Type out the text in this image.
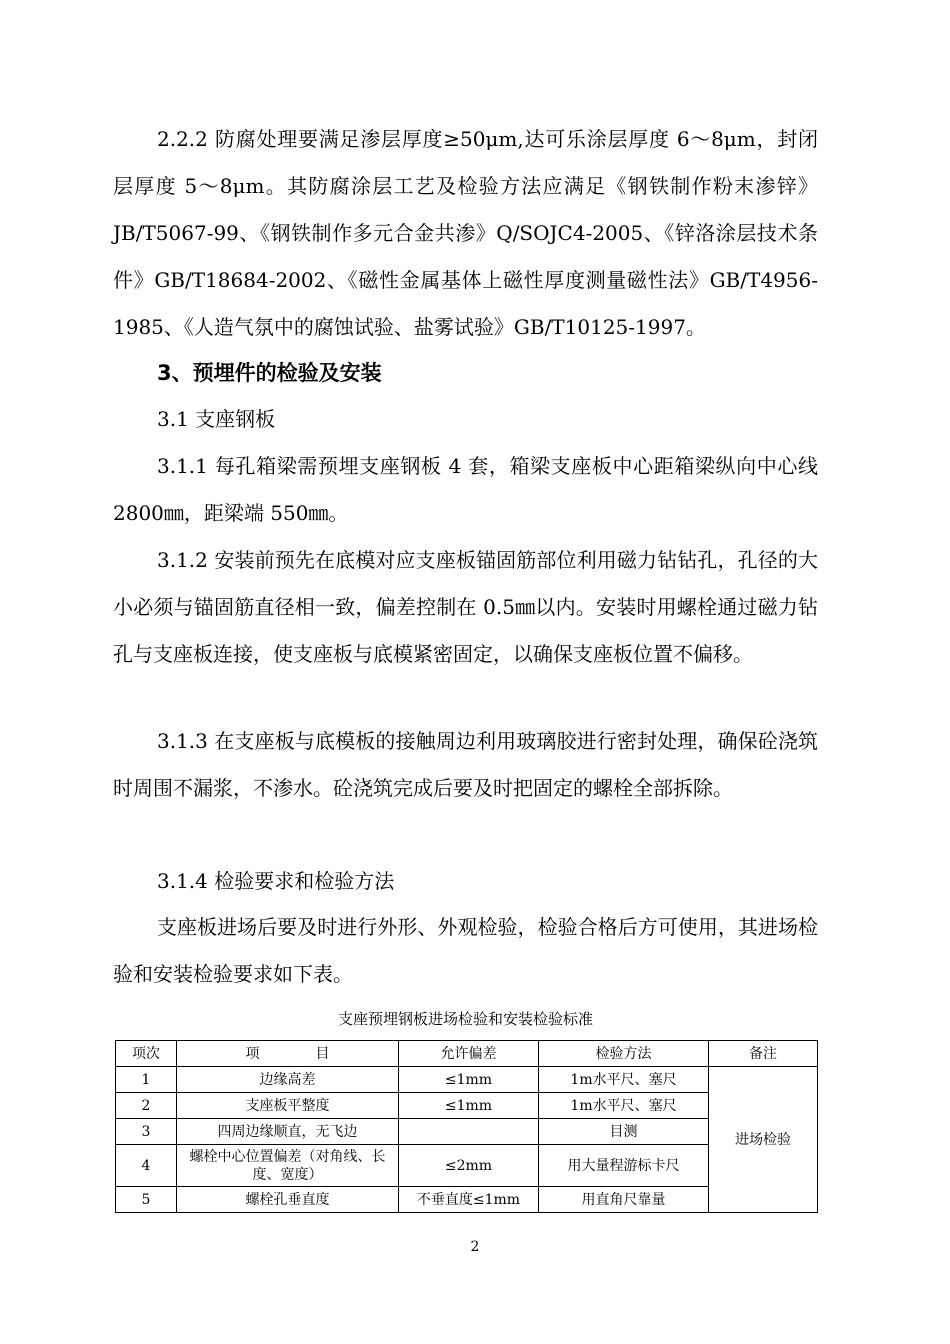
2.2.2 防腐处理要满足渗层厚度≥50μm,达可乐涂层厚度 6～8μm，封闭层厚度 5～8μm。其防腐涂层工艺及检验方法应满足《钢铁制作粉末渗锌》JB/T5067-99、《钢铁制作多元合金共渗》Q/SOJC4-2005、《锌洛涂层技术条件》GB/T18684-2002、《磁性金属基体上磁性厚度测量磁性法》GB/T4956-1985、《人造气氛中的腐蚀试验、盐雾试验》GB/T10125-1997。

3、预埋件的检验及安装

3.1 支座钢板

3.1.1 每孔箱梁需预埋支座钢板 4 套，箱梁支座板中心距箱梁纵向中心线 2800㎜，距梁端 550㎜。

3.1.2 安装前预先在底模对应支座板锚固筋部位利用磁力钻钻孔，孔径的大小必须与锚固筋直径相一致，偏差控制在 0.5㎜以内。安装时用螺栓通过磁力钻孔与支座板连接，使支座板与底模紧密固定，以确保支座板位置不偏移。

3.1.3 在支座板与底模板的接触周边利用玻璃胶进行密封处理，确保砼浇筑时周围不漏浆，不渗水。砼浇筑完成后要及时把固定的螺栓全部拆除。

3.1.4 检验要求和检验方法

支座板进场后要及时进行外形、外观检验，检验合格后方可使用，其进场检验和安装检验要求如下表。

支座预埋钢板进场检验和安装检验标准
项次	项　　　　目	允许偏差	检验方法	备注
1	边缘高差	≤1mm	1m水平尺、塞尺	进场检验
2	支座板平整度	≤1mm	1m水平尺、塞尺	
3	四周边缘顺直，无飞边		目测	
4	螺栓中心位置偏差（对角线、长度、宽度）	≤2mm	用大量程游标卡尺	
5	螺栓孔垂直度	不垂直度≤1mm	用直角尺靠量	
2
